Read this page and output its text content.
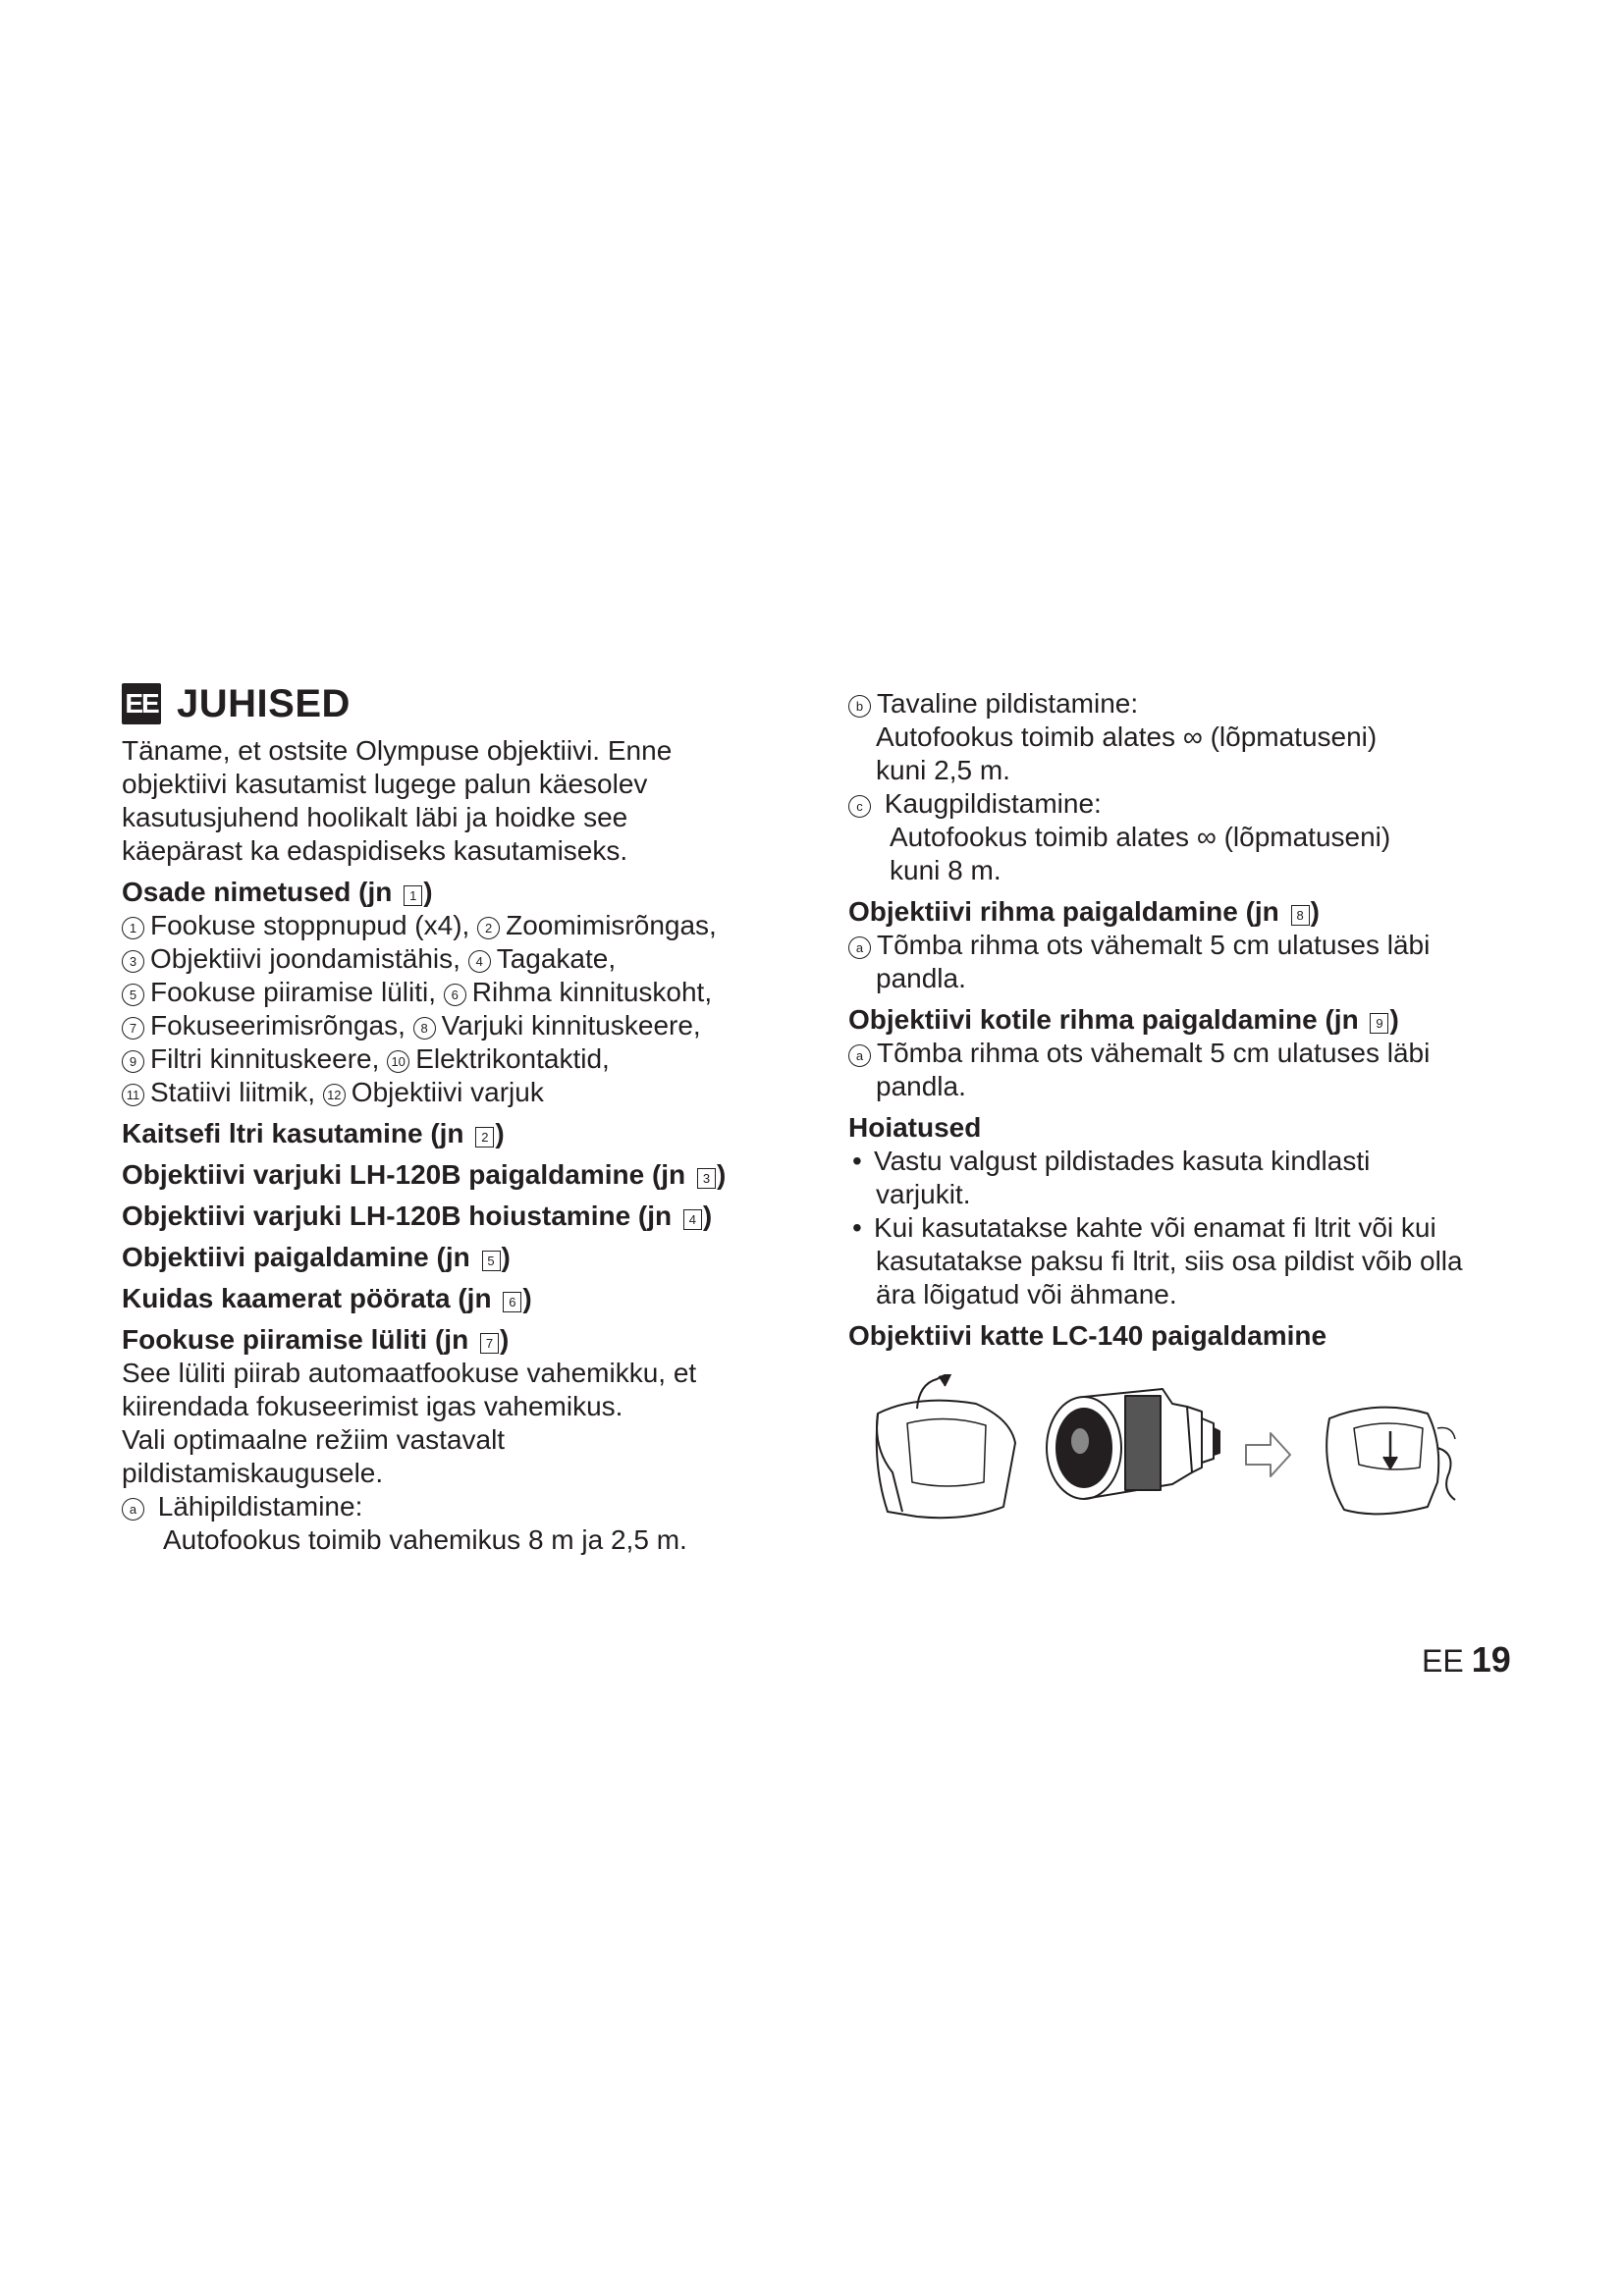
EE JUHISED

Täname, et ostsite Olympuse objektiivi. Enne

objektiivi kasutamist lugege palun käesolev

kasutusjuhend hoolikalt läbi ja hoidke see

käepärast ka edaspidiseks kasutamiseks.

Osade nimetused (jn 1 )

1 Fookuse stoppnupud (x4), 2 Zoomimisrõngas,

3 Objektiivi joondamistähis, 4 Tagakate,

5 Fookuse piiramise lüliti, 6 Rihma kinnituskoht,

7 Fokuseerimisrõngas, 8 Varjuki kinnituskeere,

9 Filtri kinnituskeere, 10 Elektrikontaktid,

11 Statiivi liitmik, 12 Objektiivi varjuk

Kaitsefi ltri kasutamine (jn 2 )
Objektiivi varjuki LH-120B paigaldamine (jn 3 )
Objektiivi varjuki LH-120B hoiustamine (jn 4 )
Objektiivi paigaldamine (jn 5 )
Kuidas kaamerat pöörata (jn 6 )
Fookuse piiramise lüliti (jn 7 )

See lüliti piirab automaatfookuse vahemikku, et

kiirendada fokuseerimist igas vahemikus.

Vali optimaalne režiim vastavalt

pildistamiskaugusele.

a Lähipildistamine:

Autofookus toimib vahemikus 8 m ja 2,5 m.

b Tavaline pildistamine:

Autofookus toimib alates ∞ (lõpmatuseni)

kuni 2,5 m.

c Kaugpildistamine:

Autofookus toimib alates ∞ (lõpmatuseni)

kuni 8 m.

Objektiivi rihma paigaldamine (jn 8 )

a Tõmba rihma ots vähemalt 5 cm ulatuses läbi

pandla.

Objektiivi kotile rihma paigaldamine (jn 9 )

a Tõmba rihma ots vähemalt 5 cm ulatuses läbi

pandla.

Hoiatused

• Vastu valgust pildistades kasuta kindlasti

varjukit.

• Kui kasutatakse kahte või enamat fi ltrit või kui

kasutatakse paksu fi ltrit, siis osa pildist võib olla

ära lõigatud või ähmane.

Objektiivi katte LC-140 paigaldamine
EE 19
